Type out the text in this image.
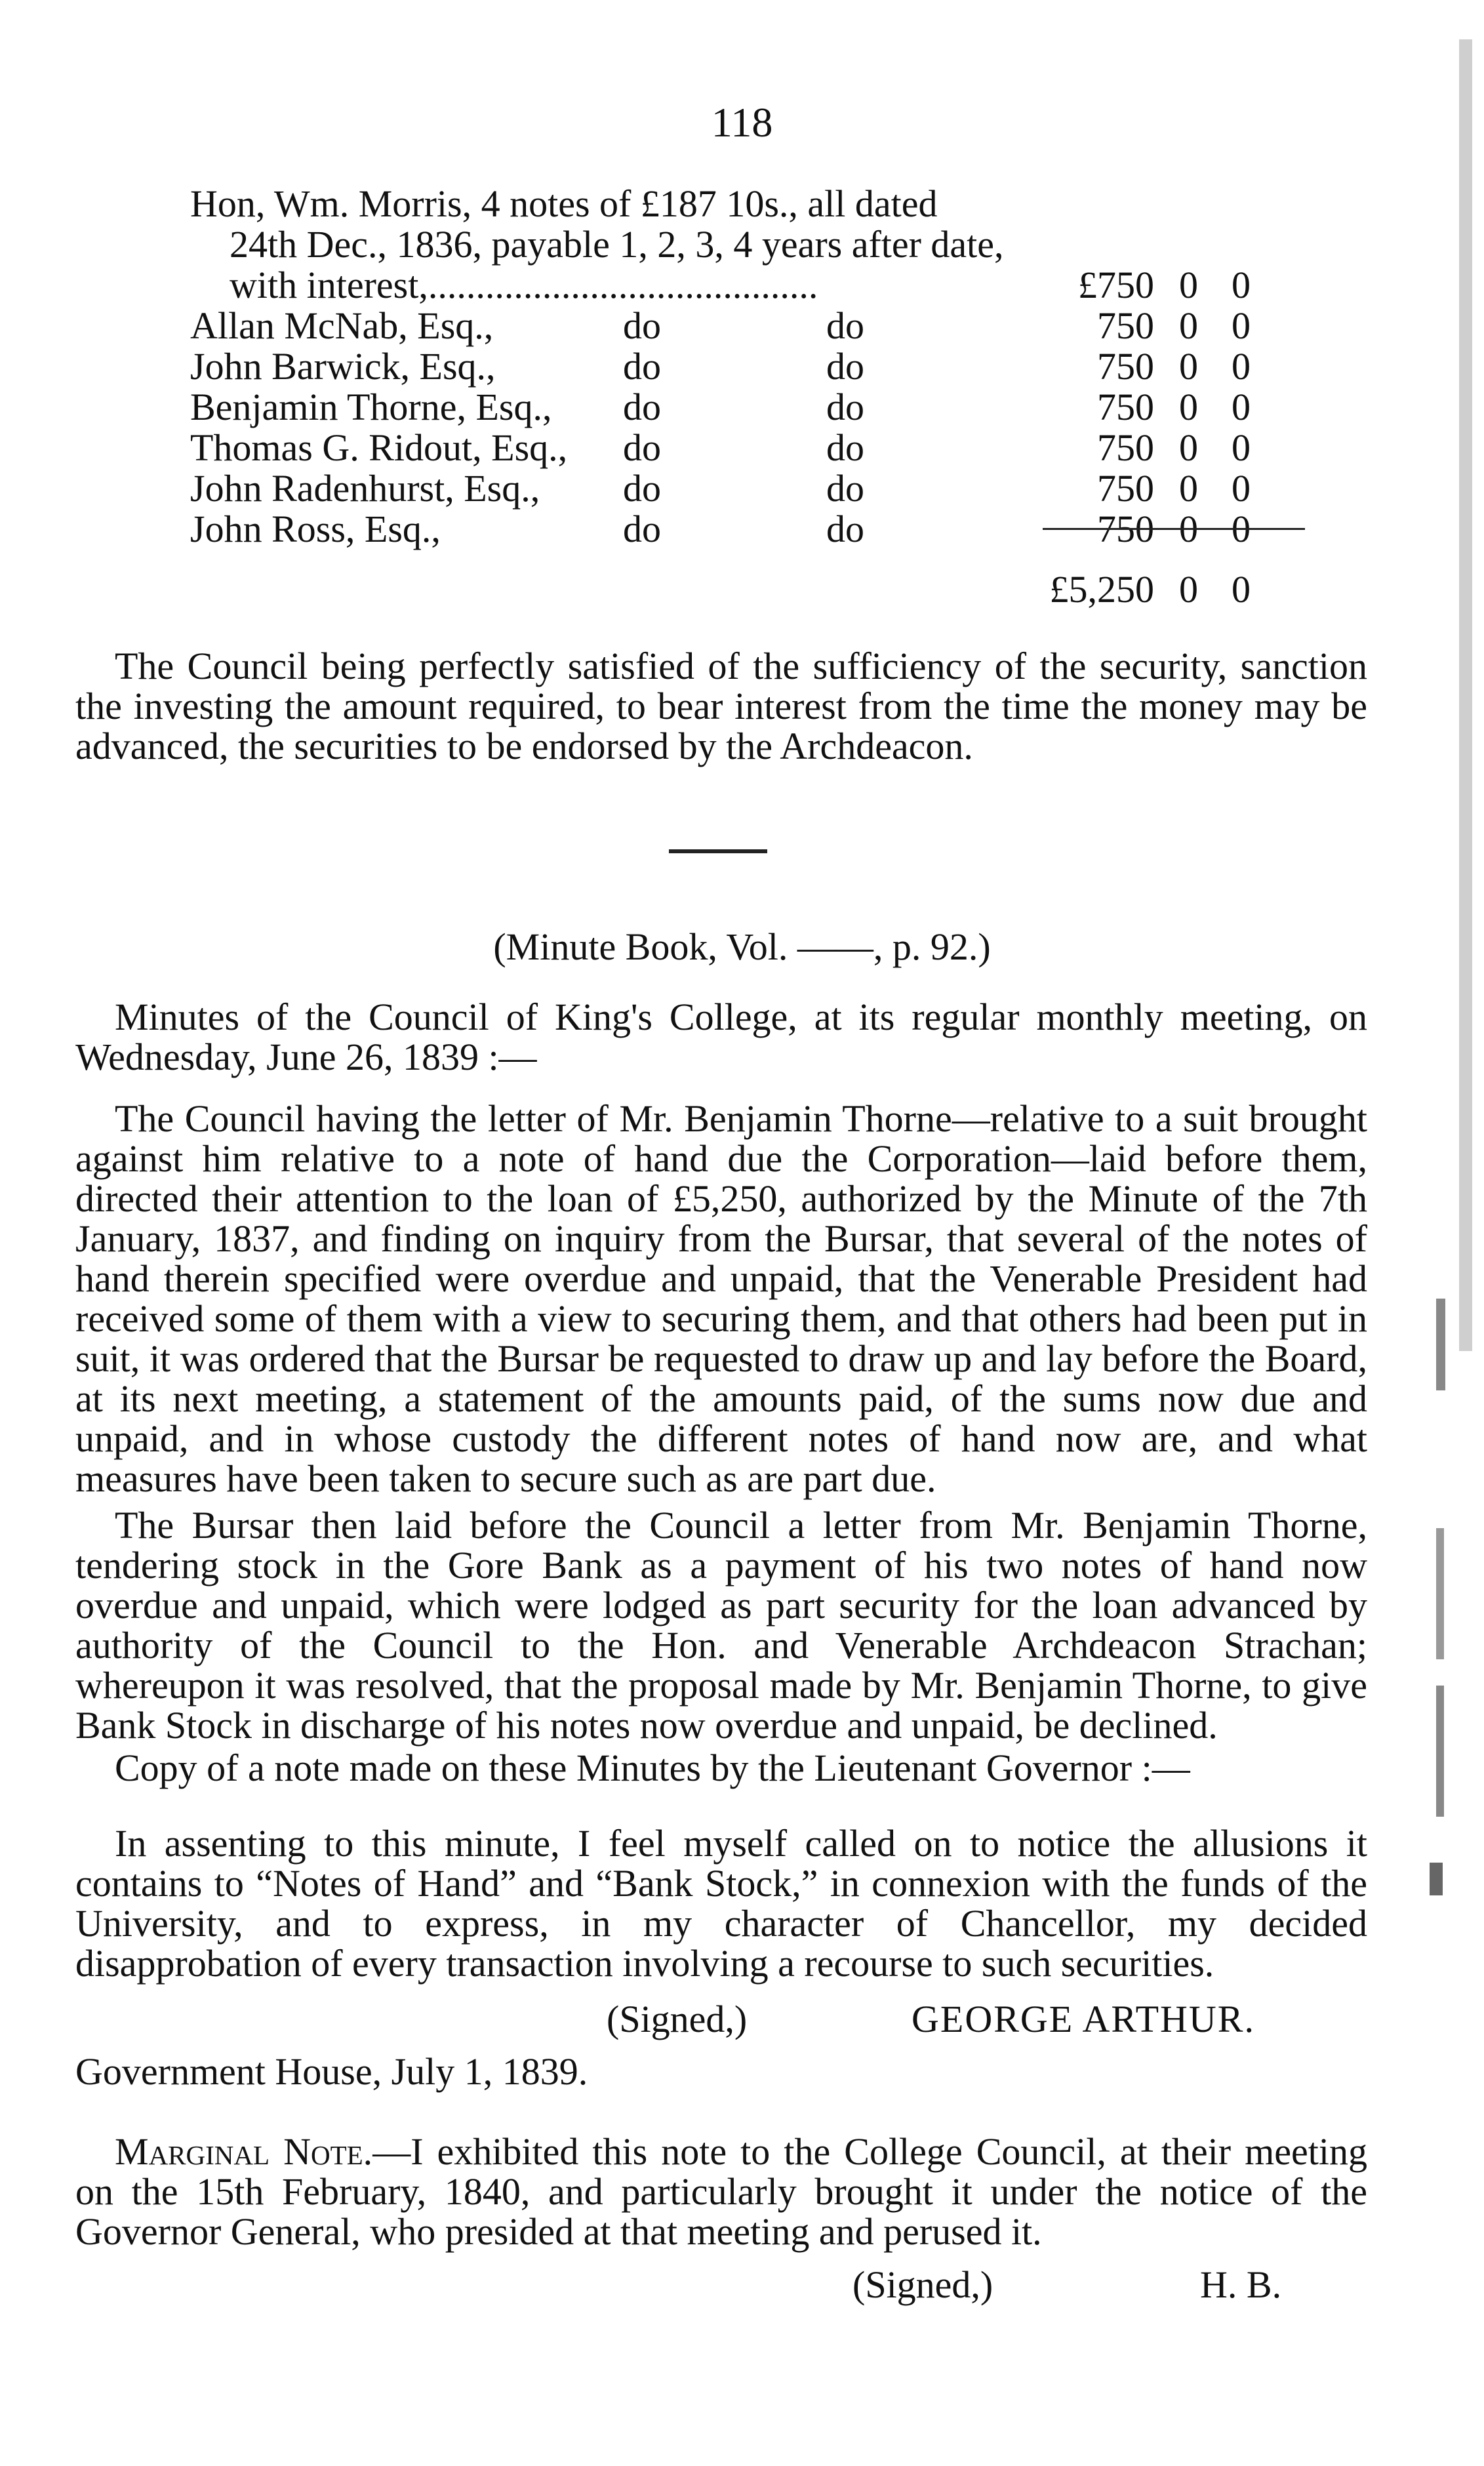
118
Hon, Wm. Morris, 4 notes of £187 10s., all dated
24th Dec., 1836, payable 1, 2, 3, 4 years after date,
with interest,.........................................	£750 0 0
Allan McNab, Esq.,	do	do	750 0 0
John Barwick, Esq.,	do	do	750 0 0
Benjamin Thorne, Esq., do	do	750 0 0
Thomas G. Ridout, Esq., do	do	750 0 0
John Radenhurst, Esq., do	do	750 0 0
John Ross, Esq.,	do	do	750 0 0
£5,250 0 0
The Council being perfectly satisfied of the sufficiency of the security, sanction the investing the amount required, to bear interest from the time the money may be advanced, the securities to be endorsed by the Archdeacon.
(Minute Book, Vol. ——, p. 92.)
Minutes of the Council of King's College, at its regular monthly meeting, on Wednesday, June 26, 1839 :—
The Council having the letter of Mr. Benjamin Thorne—relative to a suit brought against him relative to a note of hand due the Corporation—laid before them, directed their attention to the loan of £5,250, authorized by the Minute of the 7th January, 1837, and finding on inquiry from the Bursar, that several of the notes of hand therein specified were overdue and unpaid, that the Venerable President had received some of them with a view to securing them, and that others had been put in suit, it was ordered that the Bursar be requested to draw up and lay before the Board, at its next meeting, a statement of the amounts paid, of the sums now due and unpaid, and in whose custody the different notes of hand now are, and what measures have been taken to secure such as are part due.
The Bursar then laid before the Council a letter from Mr. Benjamin Thorne, tendering stock in the Gore Bank as a payment of his two notes of hand now overdue and unpaid, which were lodged as part security for the loan advanced by authority of the Council to the Hon. and Venerable Archdeacon Strachan; whereupon it was resolved, that the proposal made by Mr. Benjamin Thorne, to give Bank Stock in discharge of his notes now overdue and unpaid, be declined.
Copy of a note made on these Minutes by the Lieutenant Governor :—
In assenting to this minute, I feel myself called on to notice the allusions it contains to “Notes of Hand” and “Bank Stock,” in connexion with the funds of the University, and to express, in my character of Chancellor, my decided disapprobation of every transaction involving a recourse to such securities.
(Signed,)	GEORGE ARTHUR.
Government House, July 1, 1839.
Marginal Note.—I exhibited this note to the College Council, at their meeting on the 15th February, 1840, and particularly brought it under the notice of the Governor General, who presided at that meeting and perused it.
(Signed,)	H. B.
